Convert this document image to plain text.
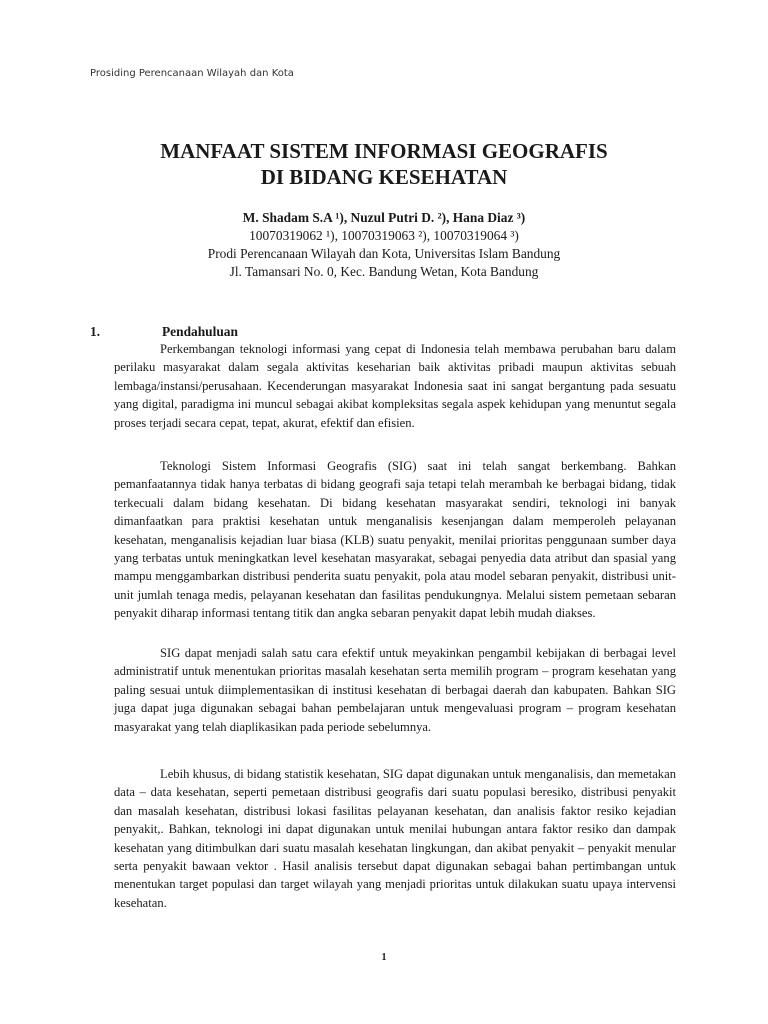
Prosiding Perencanaan Wilayah dan Kota
MANFAAT SISTEM INFORMASI GEOGRAFIS
DI BIDANG KESEHATAN
M. Shadam S.A ¹), Nuzul Putri D. ²), Hana Diaz ³)
10070319062 ¹), 10070319063 ²), 10070319064 ³)
Prodi Perencanaan Wilayah dan Kota, Universitas Islam Bandung
Jl. Tamansari No. 0, Kec. Bandung Wetan, Kota Bandung
1.	Pendahuluan

Perkembangan teknologi informasi yang cepat di Indonesia telah membawa perubahan baru dalam perilaku masyarakat dalam segala aktivitas keseharian baik aktivitas pribadi maupun aktivitas sebuah lembaga/instansi/perusahaan. Kecenderungan masyarakat Indonesia saat ini sangat bergantung pada sesuatu yang digital, paradigma ini muncul sebagai akibat kompleksitas segala aspek kehidupan yang menuntut segala proses terjadi secara cepat, tepat, akurat, efektif dan efisien.

Teknologi Sistem Informasi Geografis (SIG) saat ini telah sangat berkembang. Bahkan pemanfaatannya tidak hanya terbatas di bidang geografi saja tetapi telah merambah ke berbagai bidang, tidak terkecuali dalam bidang kesehatan. Di bidang kesehatan masyarakat sendiri, teknologi ini banyak dimanfaatkan para praktisi kesehatan untuk menganalisis kesenjangan dalam memperoleh pelayanan kesehatan, menganalisis kejadian luar biasa (KLB) suatu penyakit, menilai prioritas penggunaan sumber daya yang terbatas untuk meningkatkan level kesehatan masyarakat, sebagai penyedia data atribut dan spasial yang mampu menggambarkan distribusi penderita suatu penyakit, pola atau model sebaran penyakit, distribusi unit-unit jumlah tenaga medis, pelayanan kesehatan dan fasilitas pendukungnya. Melalui sistem pemetaan sebaran penyakit diharap informasi tentang titik dan angka sebaran penyakit dapat lebih mudah diakses.

SIG dapat menjadi salah satu cara efektif untuk meyakinkan pengambil kebijakan di berbagai level administratif untuk menentukan prioritas masalah kesehatan serta memilih program – program kesehatan yang paling sesuai untuk diimplementasikan di institusi kesehatan di berbagai daerah dan kabupaten. Bahkan SIG juga dapat juga digunakan sebagai bahan pembelajaran untuk mengevaluasi program – program kesehatan masyarakat yang telah diaplikasikan pada periode sebelumnya.

Lebih khusus, di bidang statistik kesehatan, SIG dapat digunakan untuk menganalisis, dan memetakan data – data kesehatan, seperti pemetaan distribusi geografis dari suatu populasi beresiko, distribusi penyakit dan masalah kesehatan, distribusi lokasi fasilitas pelayanan kesehatan, dan analisis faktor resiko kejadian penyakit,. Bahkan, teknologi ini dapat digunakan untuk menilai hubungan antara faktor resiko dan dampak kesehatan yang ditimbulkan dari suatu masalah kesehatan lingkungan, dan akibat penyakit – penyakit menular serta penyakit bawaan vektor . Hasil analisis tersebut dapat digunakan sebagai bahan pertimbangan untuk menentukan target populasi dan target wilayah yang menjadi prioritas untuk dilakukan suatu upaya intervensi kesehatan.

1
